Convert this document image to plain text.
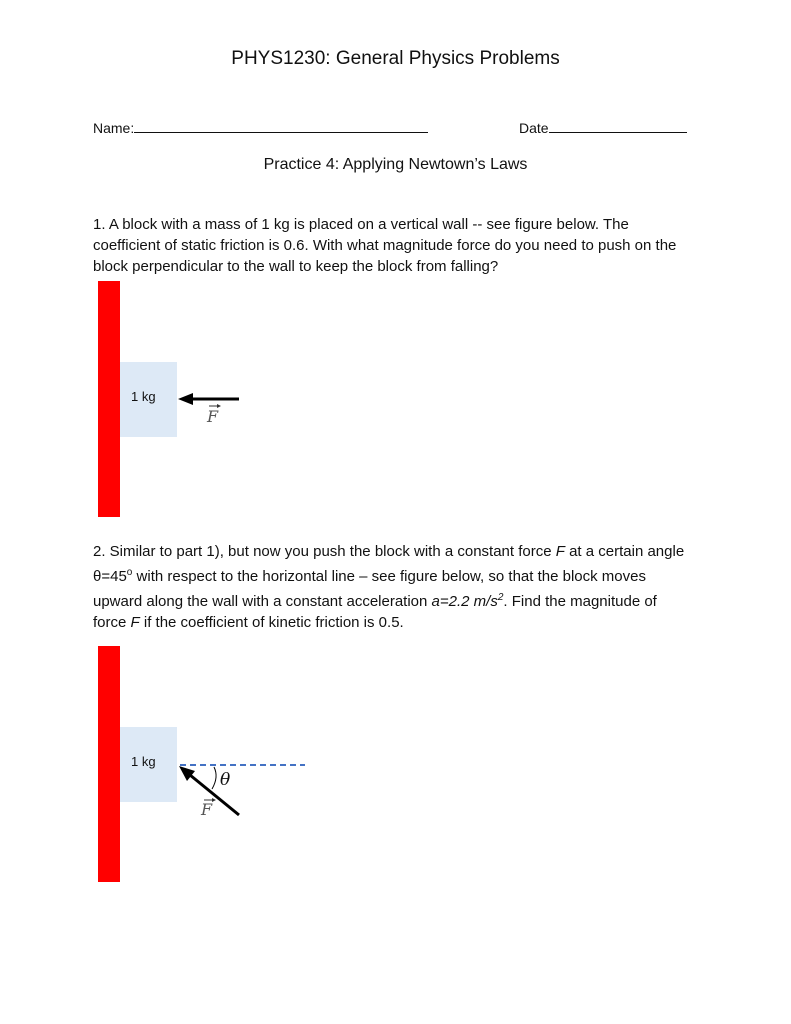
PHYS1230: General Physics Problems
Name:	Date
Practice 4: Applying Newtown’s Laws
1. A block with a mass of 1 kg is placed on a vertical wall -- see figure below. The coefficient of static friction is 0.6. With what magnitude force do you need to push on the block perpendicular to the wall to keep the block from falling?
1 kg
F
2. Similar to part 1), but now you push the block with a constant force F at a certain angle $\theta=45^o$ with respect to the horizontal line – see figure below, so that the block moves upward along the wall with a constant acceleration a=2.2 $m/s^2$. Find the magnitude of force F if the coefficient of kinetic friction is 0.5.
1 kg
θ
F
